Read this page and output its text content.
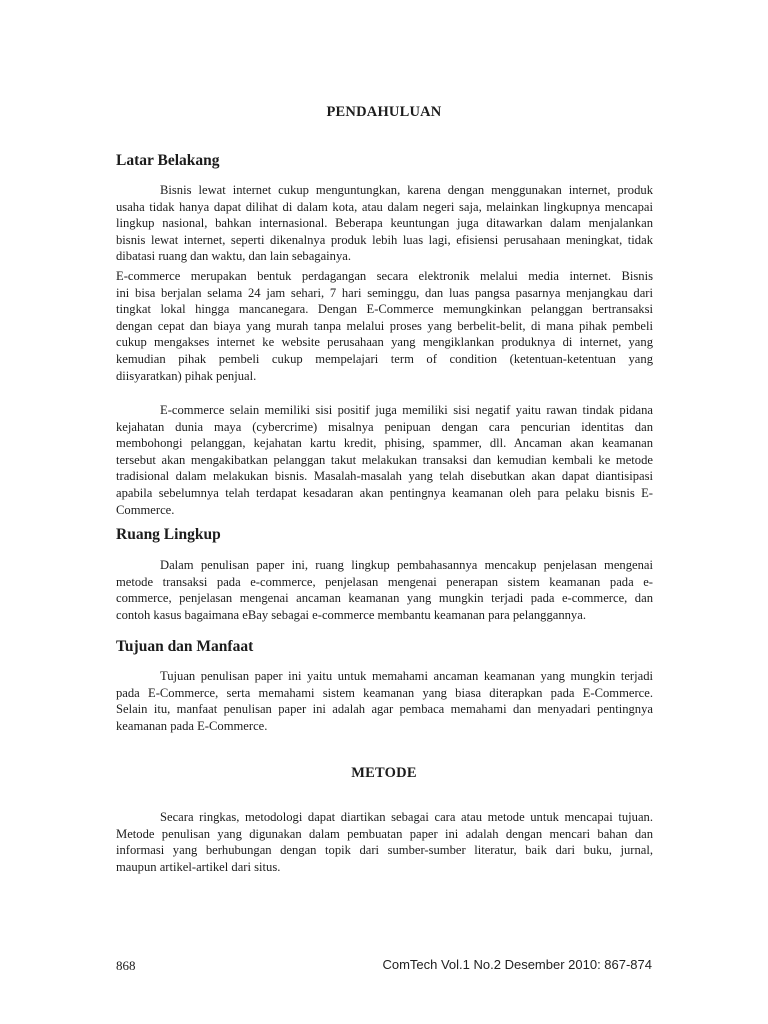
PENDAHULUAN
Latar Belakang
Bisnis lewat internet cukup menguntungkan, karena dengan menggunakan internet, produk
usaha tidak hanya dapat dilihat di dalam kota, atau dalam negeri saja, melainkan lingkupnya mencapai
lingkup nasional, bahkan internasional. Beberapa keuntungan juga ditawarkan dalam menjalankan
bisnis lewat internet, seperti dikenalnya produk lebih luas lagi, efisiensi perusahaan meningkat, tidak
dibatasi ruang dan waktu, dan lain sebagainya.
E-commerce merupakan bentuk perdagangan secara elektronik melalui media internet. Bisnis
ini bisa berjalan selama 24 jam sehari, 7 hari seminggu, dan luas pangsa pasarnya menjangkau dari
tingkat lokal hingga mancanegara. Dengan E-Commerce memungkinkan pelanggan bertransaksi
dengan cepat dan biaya yang murah tanpa melalui proses yang berbelit-belit, di mana pihak pembeli
cukup mengakses internet ke website perusahaan yang mengiklankan produknya di internet, yang
kemudian pihak pembeli cukup mempelajari term of condition (ketentuan-ketentuan yang
diisyaratkan) pihak penjual.
E-commerce selain memiliki sisi positif juga memiliki sisi negatif yaitu rawan tindak pidana
kejahatan dunia maya (cybercrime) misalnya penipuan dengan cara pencurian identitas dan
membohongi pelanggan, kejahatan kartu kredit, phising, spammer, dll. Ancaman akan keamanan
tersebut akan mengakibatkan pelanggan takut melakukan transaksi dan kemudian kembali ke metode
tradisional dalam melakukan bisnis. Masalah-masalah yang telah disebutkan akan dapat diantisipasi
apabila sebelumnya telah terdapat kesadaran akan pentingnya keamanan oleh para pelaku bisnis E-
Commerce.
Ruang Lingkup
Dalam penulisan paper ini, ruang lingkup pembahasannya mencakup penjelasan mengenai
metode transaksi pada e-commerce, penjelasan mengenai penerapan sistem keamanan pada e-
commerce, penjelasan mengenai ancaman keamanan yang mungkin terjadi pada e-commerce, dan
contoh kasus bagaimana eBay sebagai e-commerce membantu keamanan para pelanggannya.
Tujuan dan Manfaat
Tujuan penulisan paper ini yaitu untuk memahami ancaman keamanan yang mungkin terjadi
pada E-Commerce, serta memahami sistem keamanan yang biasa diterapkan pada E-Commerce.
Selain itu, manfaat penulisan paper ini adalah agar pembaca memahami dan menyadari pentingnya
keamanan pada E-Commerce.
METODE
Secara ringkas, metodologi dapat diartikan sebagai cara atau metode untuk mencapai tujuan.
Metode penulisan yang digunakan dalam pembuatan paper ini adalah dengan mencari bahan dan
informasi yang berhubungan dengan topik dari sumber-sumber literatur, baik dari buku, jurnal,
maupun artikel-artikel dari situs.
868	ComTech Vol.1 No.2 Desember 2010: 867-874
